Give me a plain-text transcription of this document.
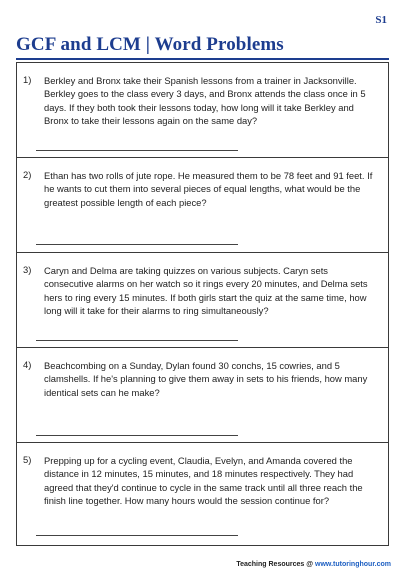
S1
GCF and LCM | Word Problems
1) Berkley and Bronx take their Spanish lessons from a trainer in Jacksonville. Berkley goes to the class every 3 days, and Bronx attends the class once in 5 days. If they both took their lessons today, how long will it take Berkley and Bronx to take their lessons again on the same day?
2) Ethan has two rolls of jute rope. He measured them to be 78 feet and 91 feet. If he wants to cut them into several pieces of equal lengths, what would be the greatest possible length of each piece?
3) Caryn and Delma are taking quizzes on various subjects. Caryn sets consecutive alarms on her watch so it rings every 20 minutes, and Delma sets hers to ring every 15 minutes. If both girls start the quiz at the same time, how long will it take for their alarms to ring simultaneously?
4) Beachcombing on a Sunday, Dylan found 30 conchs, 15 cowries, and 5 clamshells. If he's planning to give them away in sets to his friends, how many identical sets can he make?
5) Prepping up for a cycling event, Claudia, Evelyn, and Amanda covered the distance in 12 minutes, 15 minutes, and 18 minutes respectively. They had agreed that they'd continue to cycle in the same track until all three reach the finish line together. How many hours would the session continue for?
Teaching Resources @ www.tutoringhour.com
